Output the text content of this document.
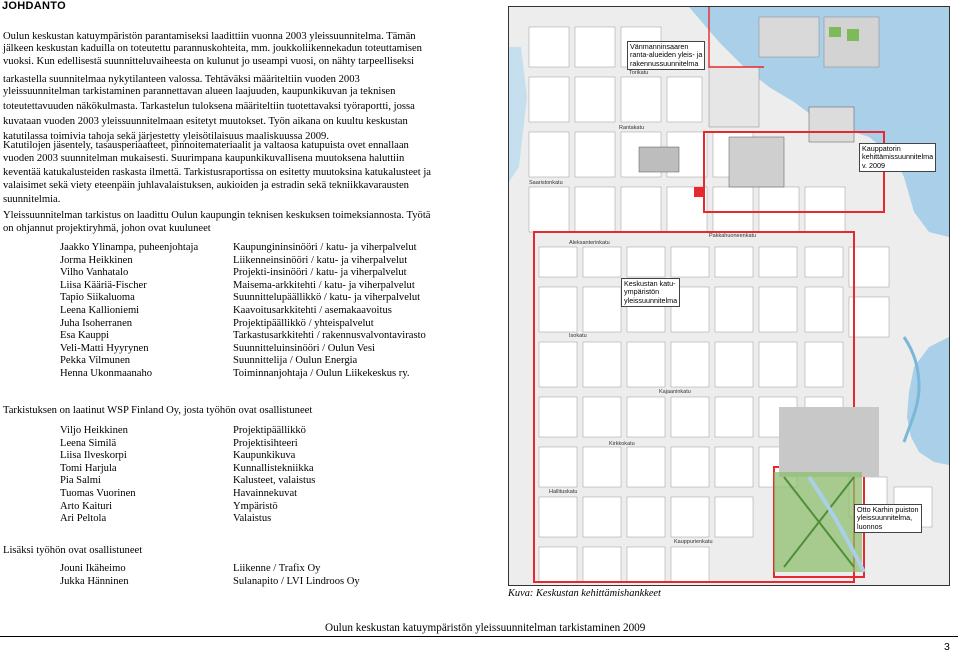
JOHDANTO
Oulun keskustan katuympäristön parantamiseksi laadittiin vuonna 2003 yleissuunnitelma. Tämän
jälkeen keskustan kaduilla on toteutettu parannuskohteita, mm. joukkoliikennekadun toteuttamisen
vuoksi. Kun edellisestä suunnitteluvaiheesta on kulunut jo useampi vuosi, on nähty tarpeelliseksi
tarkastella suunnitelmaa nykytilanteen valossa. Tehtäväksi määriteltiin vuoden 2003
yleissuunnitelman tarkistaminen parannettavan alueen laajuuden, kaupunkikuvan ja teknisen
toteutettavuuden näkökulmasta. Tarkastelun tuloksena määriteltiin tuotettavaksi työraportti, jossa
kuvataan vuoden 2003 yleissuunnitelmaan esitetyt muutokset. Työn aikana on kuultu keskustan
katutilassa toimivia tahoja sekä järjestetty yleisötilaisuus maaliskuussa 2009.
Katutilojen jäsentely, tasausperiaatteet, pinnoitemateriaalit ja valtaosa katupuista ovet ennallaan
vuoden 2003 suunnitelman mukaisesti. Suurimpana kaupunkikuvallisena muutoksena haluttiin
keventää katukalusteiden raskasta ilmettä. Tarkistusraportissa on esitetty muutoksina katukalusteet ja
valaisimet sekä viety eteenpäin juhlavalaistuksen, aukioiden ja estradin sekä tekniikkavarausten
suunnitelmia.
Yleissuunnitelman tarkistus on laadittu Oulun kaupungin teknisen keskuksen toimeksiannosta. Työtä
on ohjannut projektiryhmä, johon ovat kuuluneet
Jaakko Ylinampa, puheenjohtaja
Jorma Heikkinen
Vilho Vanhatalo
Liisa Kääriä-Fischer
Tapio Siikaluoma
Leena Kallioniemi
Juha Isoherranen
Esa Kauppi
Veli-Matti Hyyrynen
Pekka Vilmunen
Henna Ukonmaanaho
Kaupungininsinööri / katu- ja viherpalvelut
Liikenneinsinööri / katu- ja viherpalvelut
Projekti-insinööri / katu- ja viherpalvelut
Maisema-arkkitehti / katu- ja viherpalvelut
Suunnittelupäällikkö / katu- ja viherpalvelut
Kaavoitusarkkitehti / asemakaavoitus
Projektipäällikkö / yhteispalvelut
Tarkastusarkkitehti / rakennusvalvontavirasto
Suunnitteluinsinööri / Oulun Vesi
Suunnittelija / Oulun Energia
Toiminnanjohtaja / Oulun Liikekeskus ry.
Tarkistuksen on laatinut WSP Finland Oy, josta työhön ovat osallistuneet
Viljo Heikkinen
Leena Similä
Liisa Ilveskorpi
Tomi Harjula
Pia Salmi
Tuomas Vuorinen
Arto Kaituri
Ari Peltola
Projektipäällikkö
Projektisihteeri
Kaupunkikuva
Kunnallistekniikka
Kalusteet, valaistus
Havainnekuvat
Ympäristö
Valaistus
Lisäksi työhön ovat osallistuneet
Jouni Ikäheimo
Jukka Hänninen
Liikenne / Trafix Oy
Sulanapito / LVI Lindroos Oy
Aleksanterinkatu
Isokatu
Kirkkokatu
Kajaaninkatu
Saaristonkatu
Pakkahuoneenkatu
Torikatu
Rantakatu
Hallituskatu
Kauppurienkatu
Vänmanninsaaren
ranta-alueiden yleis- ja
rakennussuunnitelma
Kauppatorin
kehittämissuunnitelma
v. 2009
Keskustan katu-
ympäristön
yleissuunnitelma
Otto Karhin puiston
yleissuunnitelma,
luonnos
Kuva: Keskustan kehittämishankkeet
Oulun keskustan katuympäristön yleissuunnitelman tarkistaminen 2009
3
